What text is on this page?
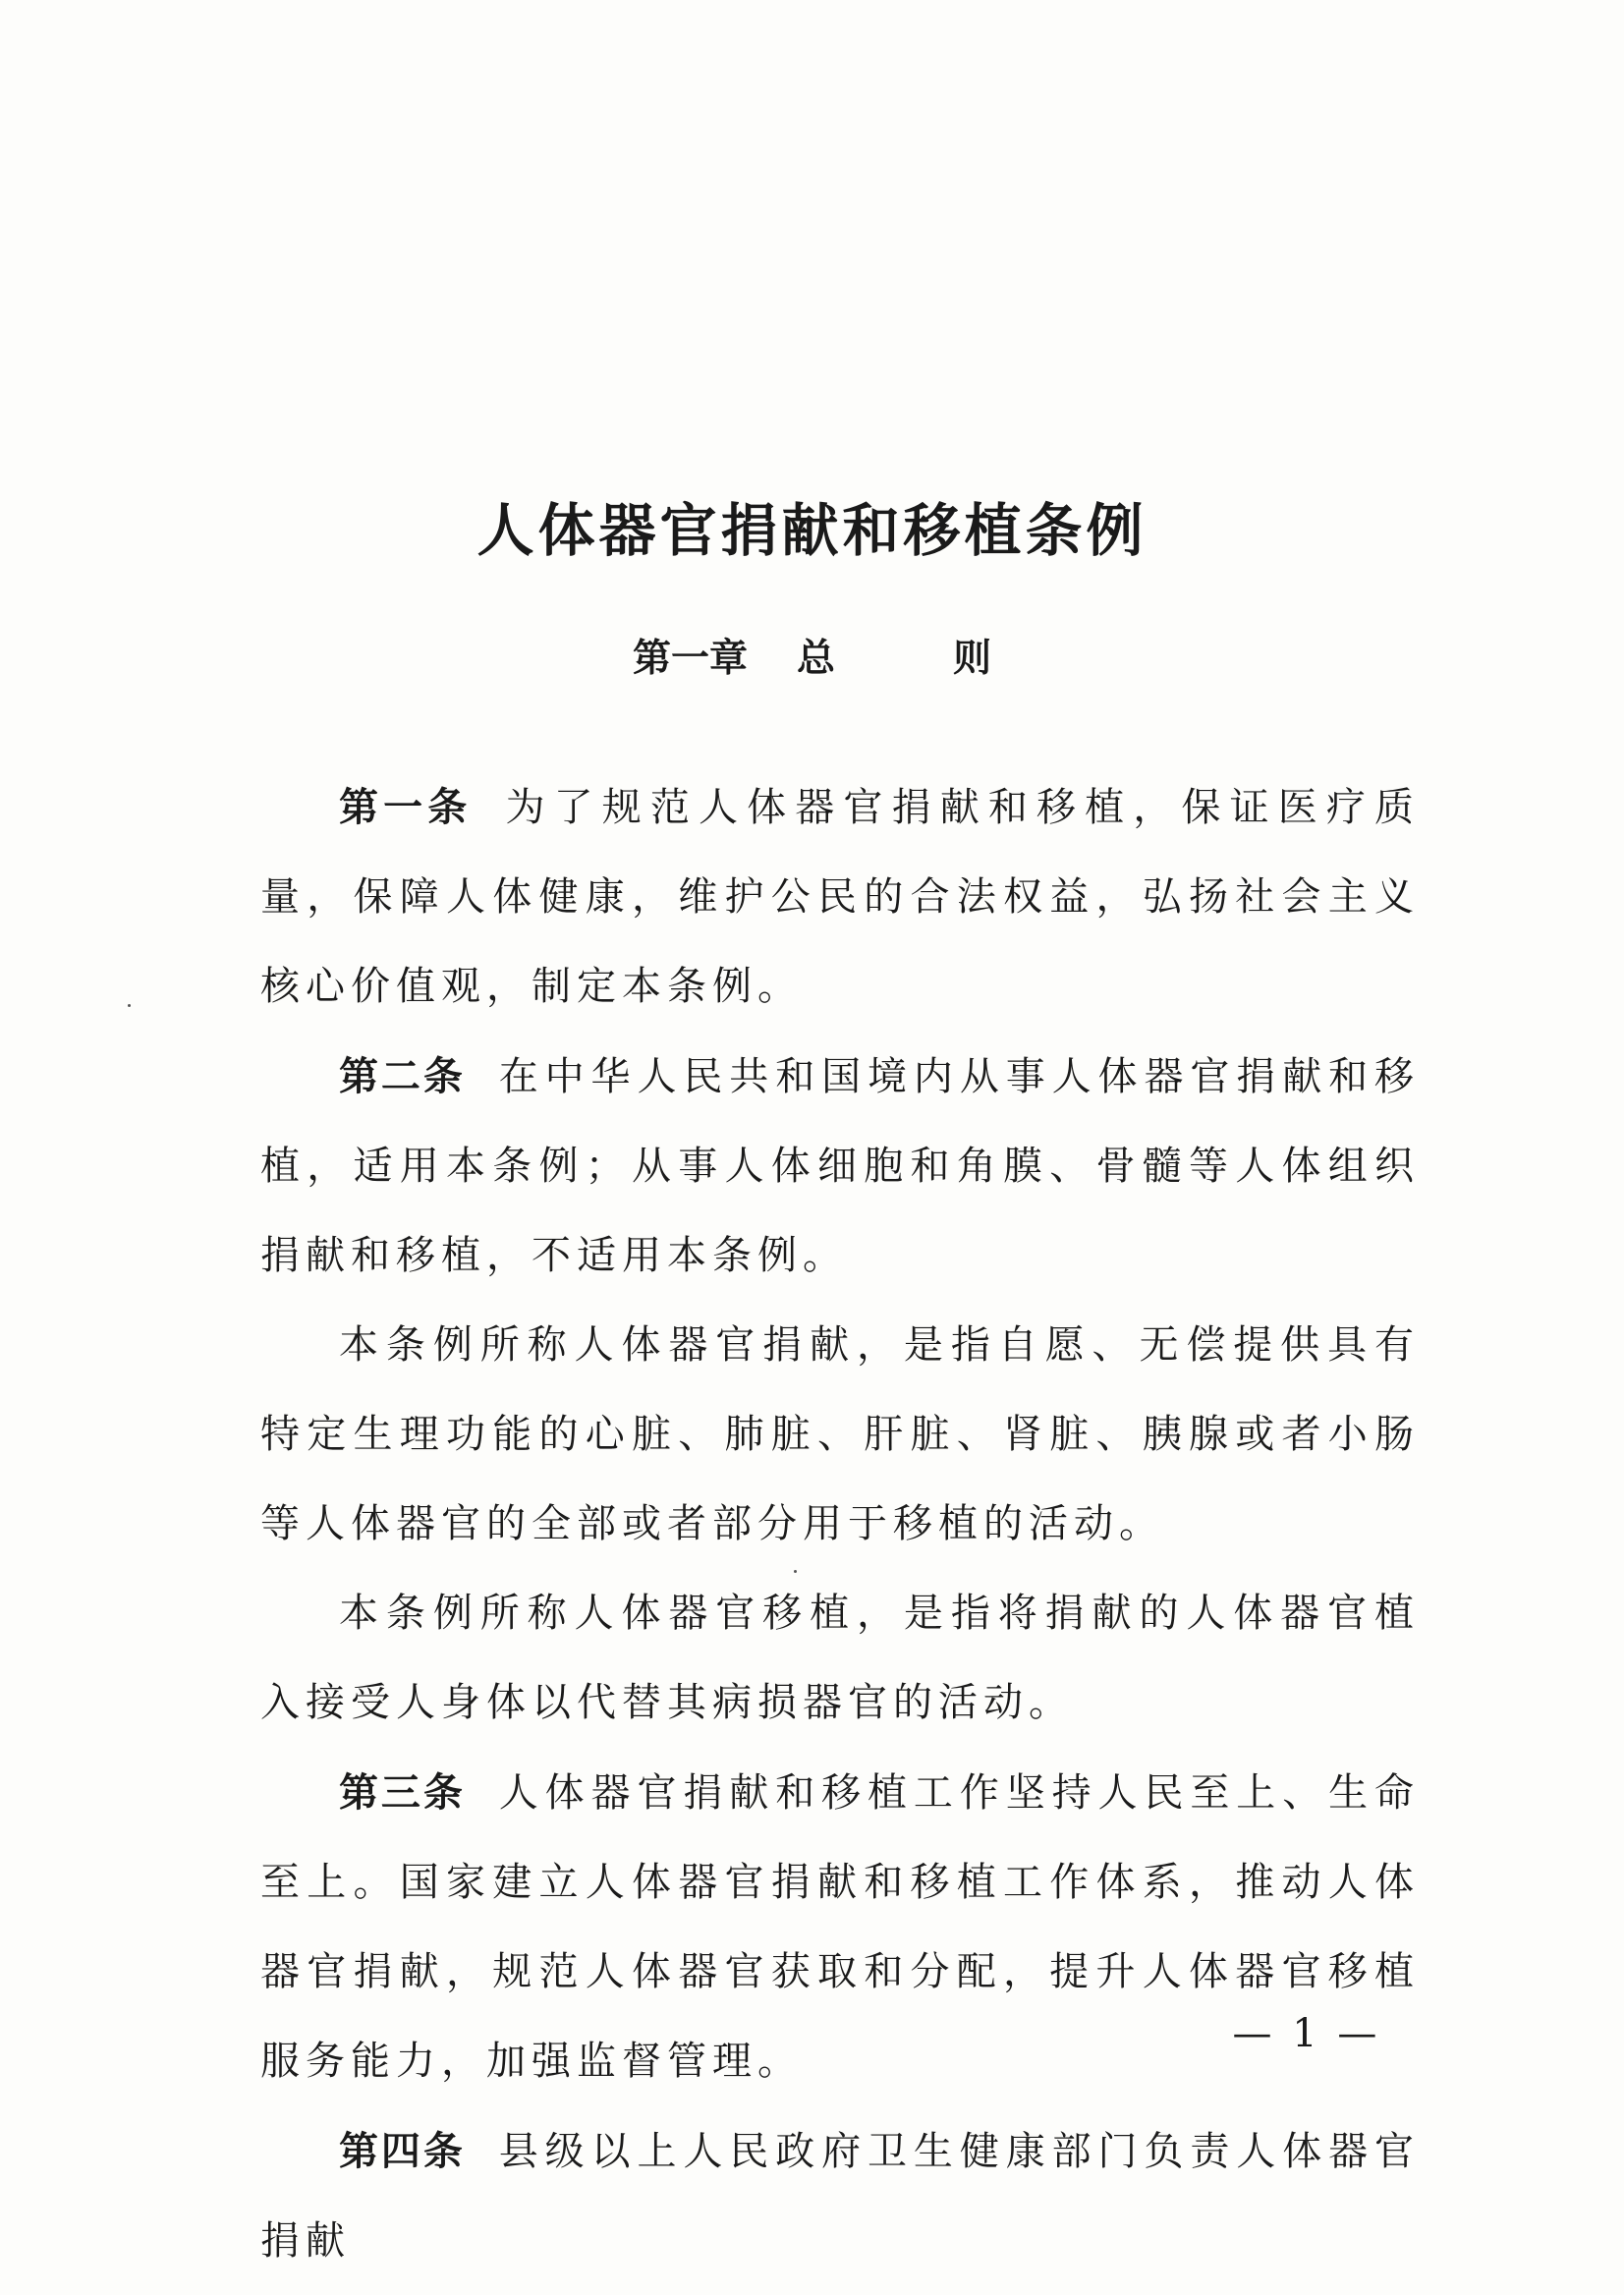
人体器官捐献和移植条例
第一章 总	则

第一条 为了规范人体器官捐献和移植，保证医疗质量，保障人体健康，维护公民的合法权益，弘扬社会主义核心价值观，制定本条例。

第二条 在中华人民共和国境内从事人体器官捐献和移植，适用本条例；从事人体细胞和角膜、骨髓等人体组织捐献和移植，不适用本条例。

本条例所称人体器官捐献，是指自愿、无偿提供具有特定生理功能的心脏、肺脏、肝脏、肾脏、胰腺或者小肠等人体器官的全部或者部分用于移植的活动。

本条例所称人体器官移植，是指将捐献的人体器官植入接受人身体以代替其病损器官的活动。

第三条 人体器官捐献和移植工作坚持人民至上、生命至上。国家建立人体器官捐献和移植工作体系，推动人体器官捐献，规范人体器官获取和分配，提升人体器官移植服务能力，加强监督管理。

第四条 县级以上人民政府卫生健康部门负责人体器官捐献

— 1 —
